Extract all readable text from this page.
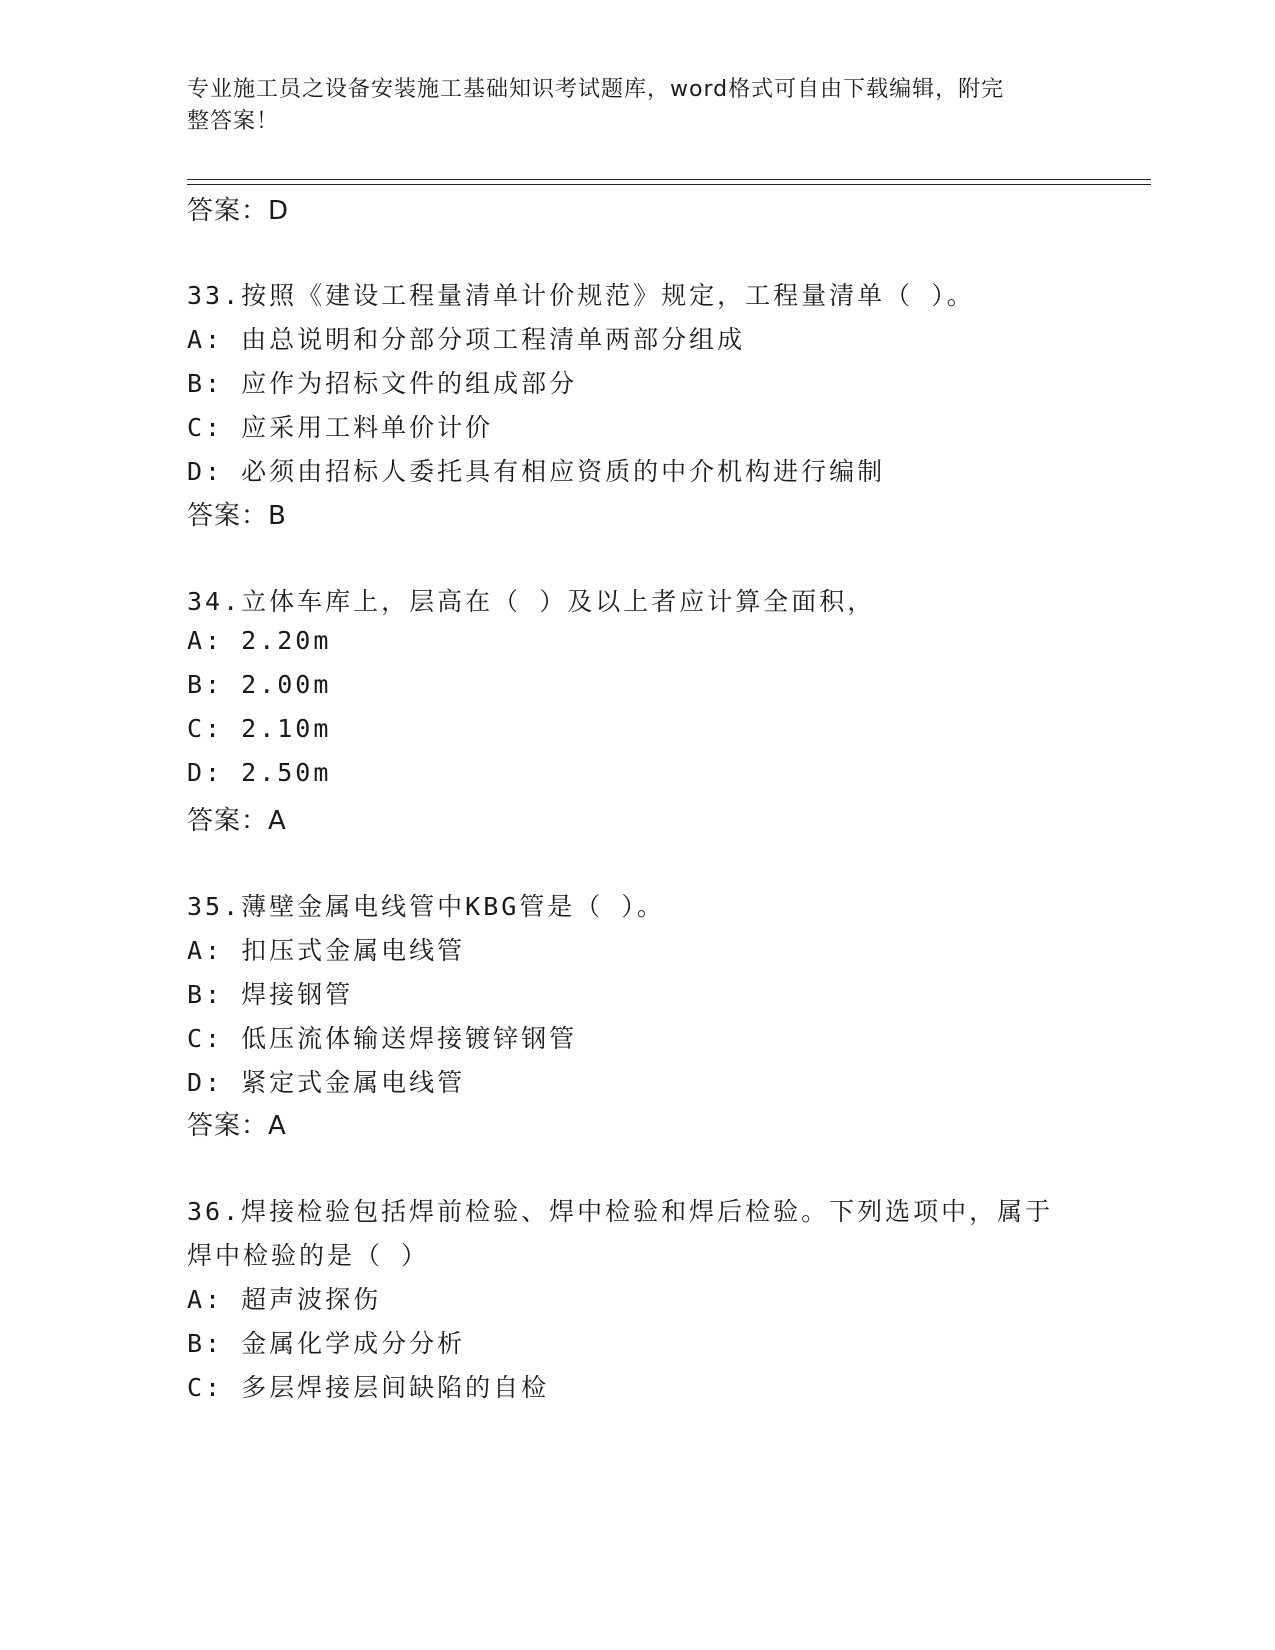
专业施工员之设备安装施工基础知识考试题库，word格式可自由下载编辑，附完
整答案！
答案：D
33.按照《建设工程量清单计价规范》规定，工程量清单（ ）。
A: 由总说明和分部分项工程清单两部分组成
B: 应作为招标文件的组成部分
C: 应采用工料单价计价
D: 必须由招标人委托具有相应资质的中介机构进行编制
答案：B
34.立体车库上，层高在（ ）及以上者应计算全面积，
A: 2.20m
B: 2.00m
C: 2.10m
D: 2.50m
答案：A
35.薄壁金属电线管中KBG管是（ ）。
A: 扣压式金属电线管
B: 焊接钢管
C: 低压流体输送焊接镀锌钢管
D: 紧定式金属电线管
答案：A
36.焊接检验包括焊前检验、焊中检验和焊后检验。下列选项中，属于
焊中检验的是（ ）
A: 超声波探伤
B: 金属化学成分分析
C: 多层焊接层间缺陷的自检
